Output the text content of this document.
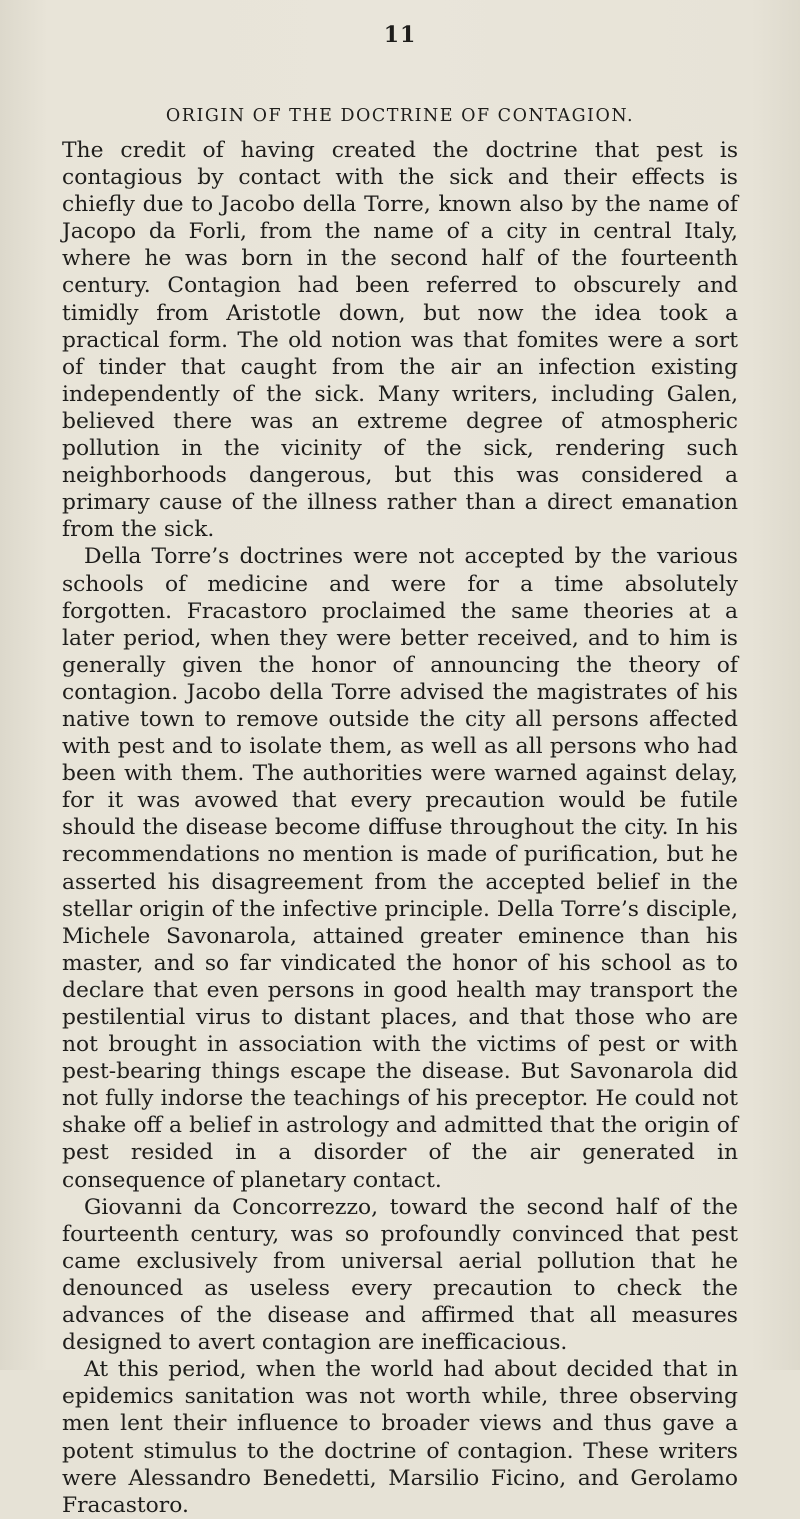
11
ORIGIN OF THE DOCTRINE OF CONTAGION.

The credit of having created the doctrine that pest is contagious by contact with the sick and their effects is chiefly due to Jacobo della Torre, known also by the name of Jacopo da Forli, from the name of a city in central Italy, where he was born in the second half of the fourteenth century. Contagion had been referred to obscurely and timidly from Aristotle down, but now the idea took a practical form. The old notion was that fomites were a sort of tinder that caught from the air an infection existing independently of the sick. Many writers, including Galen, believed there was an extreme degree of atmospheric pollution in the vicinity of the sick, rendering such neighborhoods dangerous, but this was considered a primary cause of the illness rather than a direct emanation from the sick.

Della Torre’s doctrines were not accepted by the various schools of medicine and were for a time absolutely forgotten. Fracastoro proclaimed the same theories at a later period, when they were better received, and to him is generally given the honor of announcing the theory of contagion. Jacobo della Torre advised the magistrates of his native town to remove outside the city all persons affected with pest and to isolate them, as well as all persons who had been with them. The authorities were warned against delay, for it was avowed that every precaution would be futile should the disease become diffuse throughout the city. In his recommendations no mention is made of purification, but he asserted his disagreement from the accepted belief in the stellar origin of the infective principle. Della Torre’s disciple, Michele Savonarola, attained greater eminence than his master, and so far vindicated the honor of his school as to declare that even persons in good health may transport the pestilential virus to distant places, and that those who are not brought in association with the victims of pest or with pest-bearing things escape the disease. But Savonarola did not fully indorse the teachings of his preceptor. He could not shake off a belief in astrology and admitted that the origin of pest resided in a disorder of the air generated in consequence of planetary contact.

Giovanni da Concorrezzo, toward the second half of the fourteenth century, was so profoundly convinced that pest came exclusively from universal aerial pollution that he denounced as useless every precaution to check the advances of the disease and affirmed that all measures designed to avert contagion are inefficacious.

At this period, when the world had about decided that in epidemics sanitation was not worth while, three observing men lent their influence to broader views and thus gave a potent stimulus to the doctrine of contagion. These writers were Alessandro Benedetti, Marsilio Ficino, and Gerolamo Fracastoro.
